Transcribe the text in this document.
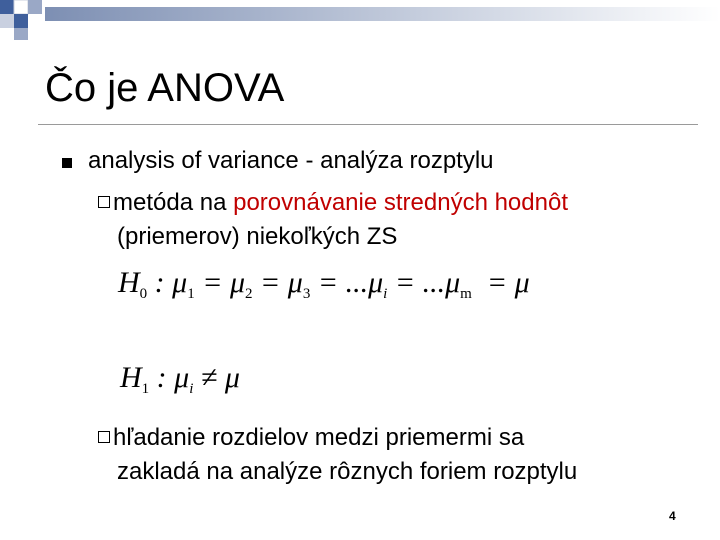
Čo je ANOVA
analysis of variance - analýza rozptylu
metóda na porovnávanie stredných hodnôt
(priemerov) niekoľkých ZS
$H_0$ : $\mu_1 = \mu_2 = \mu_3 = ...\mu_i = ...\mu_m = \mu$
$H_1$ : $\mu_i \ne \mu$
hľadanie rozdielov medzi priemermi sa
zakladá na analýze rôznych foriem rozptylu
4
